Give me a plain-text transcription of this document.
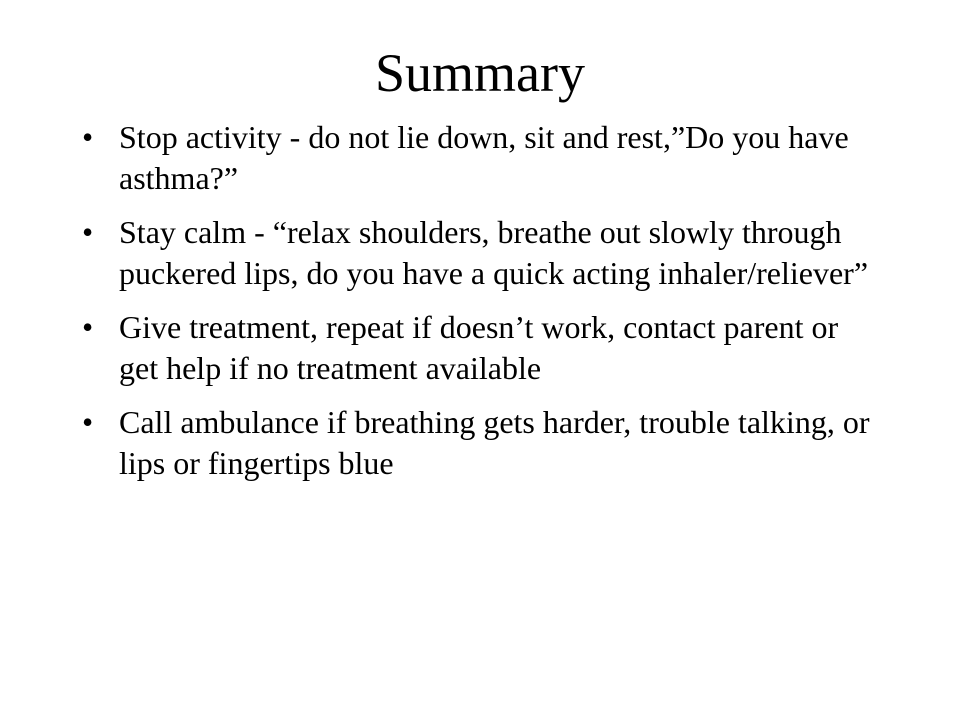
Summary
• Stop activity - do not lie down, sit and rest,”Do you have asthma?”
• Stay calm - “relax shoulders, breathe out slowly through puckered lips, do you have a quick acting inhaler/reliever”
• Give treatment, repeat if doesn’t work, contact parent or get help if no treatment available
• Call ambulance if breathing gets harder, trouble talking, or lips or fingertips blue
